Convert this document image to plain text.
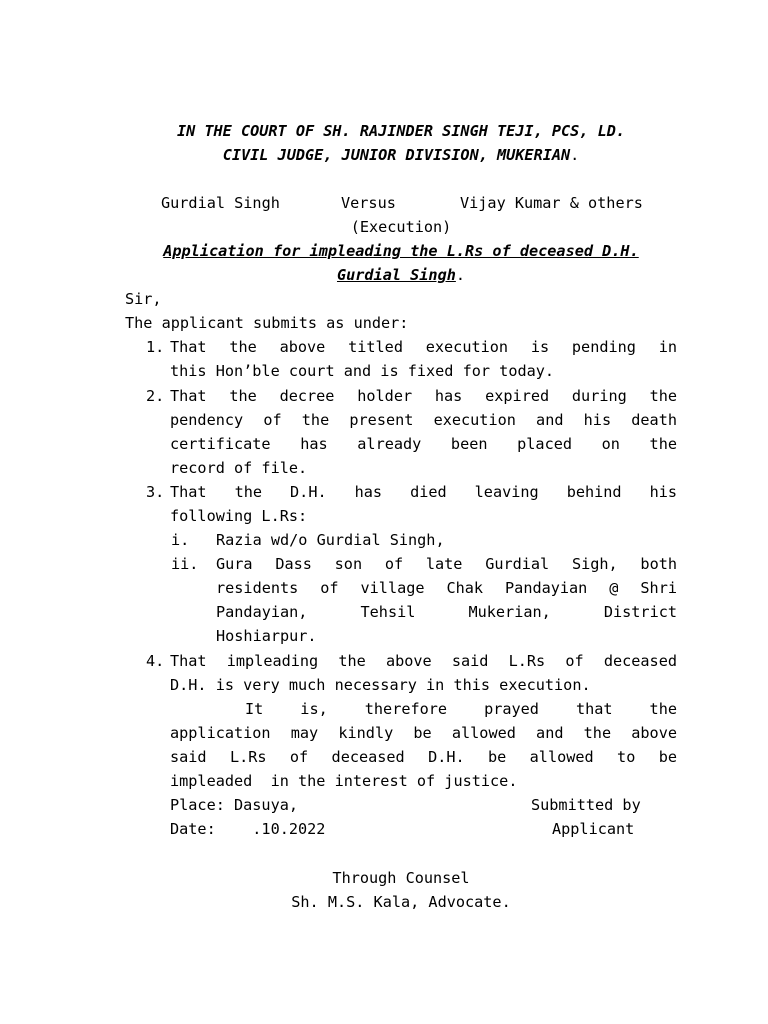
IN THE COURT OF SH. RAJINDER SINGH TEJI, PCS, LD.
CIVIL JUDGE, JUNIOR DIVISION, MUKERIAN.
Gurdial Singh	Versus	Vijay Kumar & others
(Execution)
Application for impleading the L.Rs of deceased D.H.
Gurdial Singh.
Sir,
The applicant submits as under:
1. That the above titled execution is pending in
this Hon’ble court and is fixed for today.
2. That the decree holder has expired during the
pendency of the present execution and his death
certificate has already been placed on the
record of file.
3. That the D.H. has died leaving behind his
following L.Rs:
i. Razia wd/o Gurdial Singh,
ii. Gura Dass son of late Gurdial Sigh, both
residents of village Chak Pandayian @ Shri
Pandayian, Tehsil Mukerian, District
Hoshiarpur.
4. That impleading the above said L.Rs of deceased
D.H. is very much necessary in this execution.
It is, therefore prayed that the
application may kindly be allowed and the above
said L.Rs of deceased D.H. be allowed to be
impleaded  in the interest of justice.
Place: Dasuya,	Submitted by
Date:    .10.2022	Applicant
Through Counsel
Sh. M.S. Kala, Advocate.
